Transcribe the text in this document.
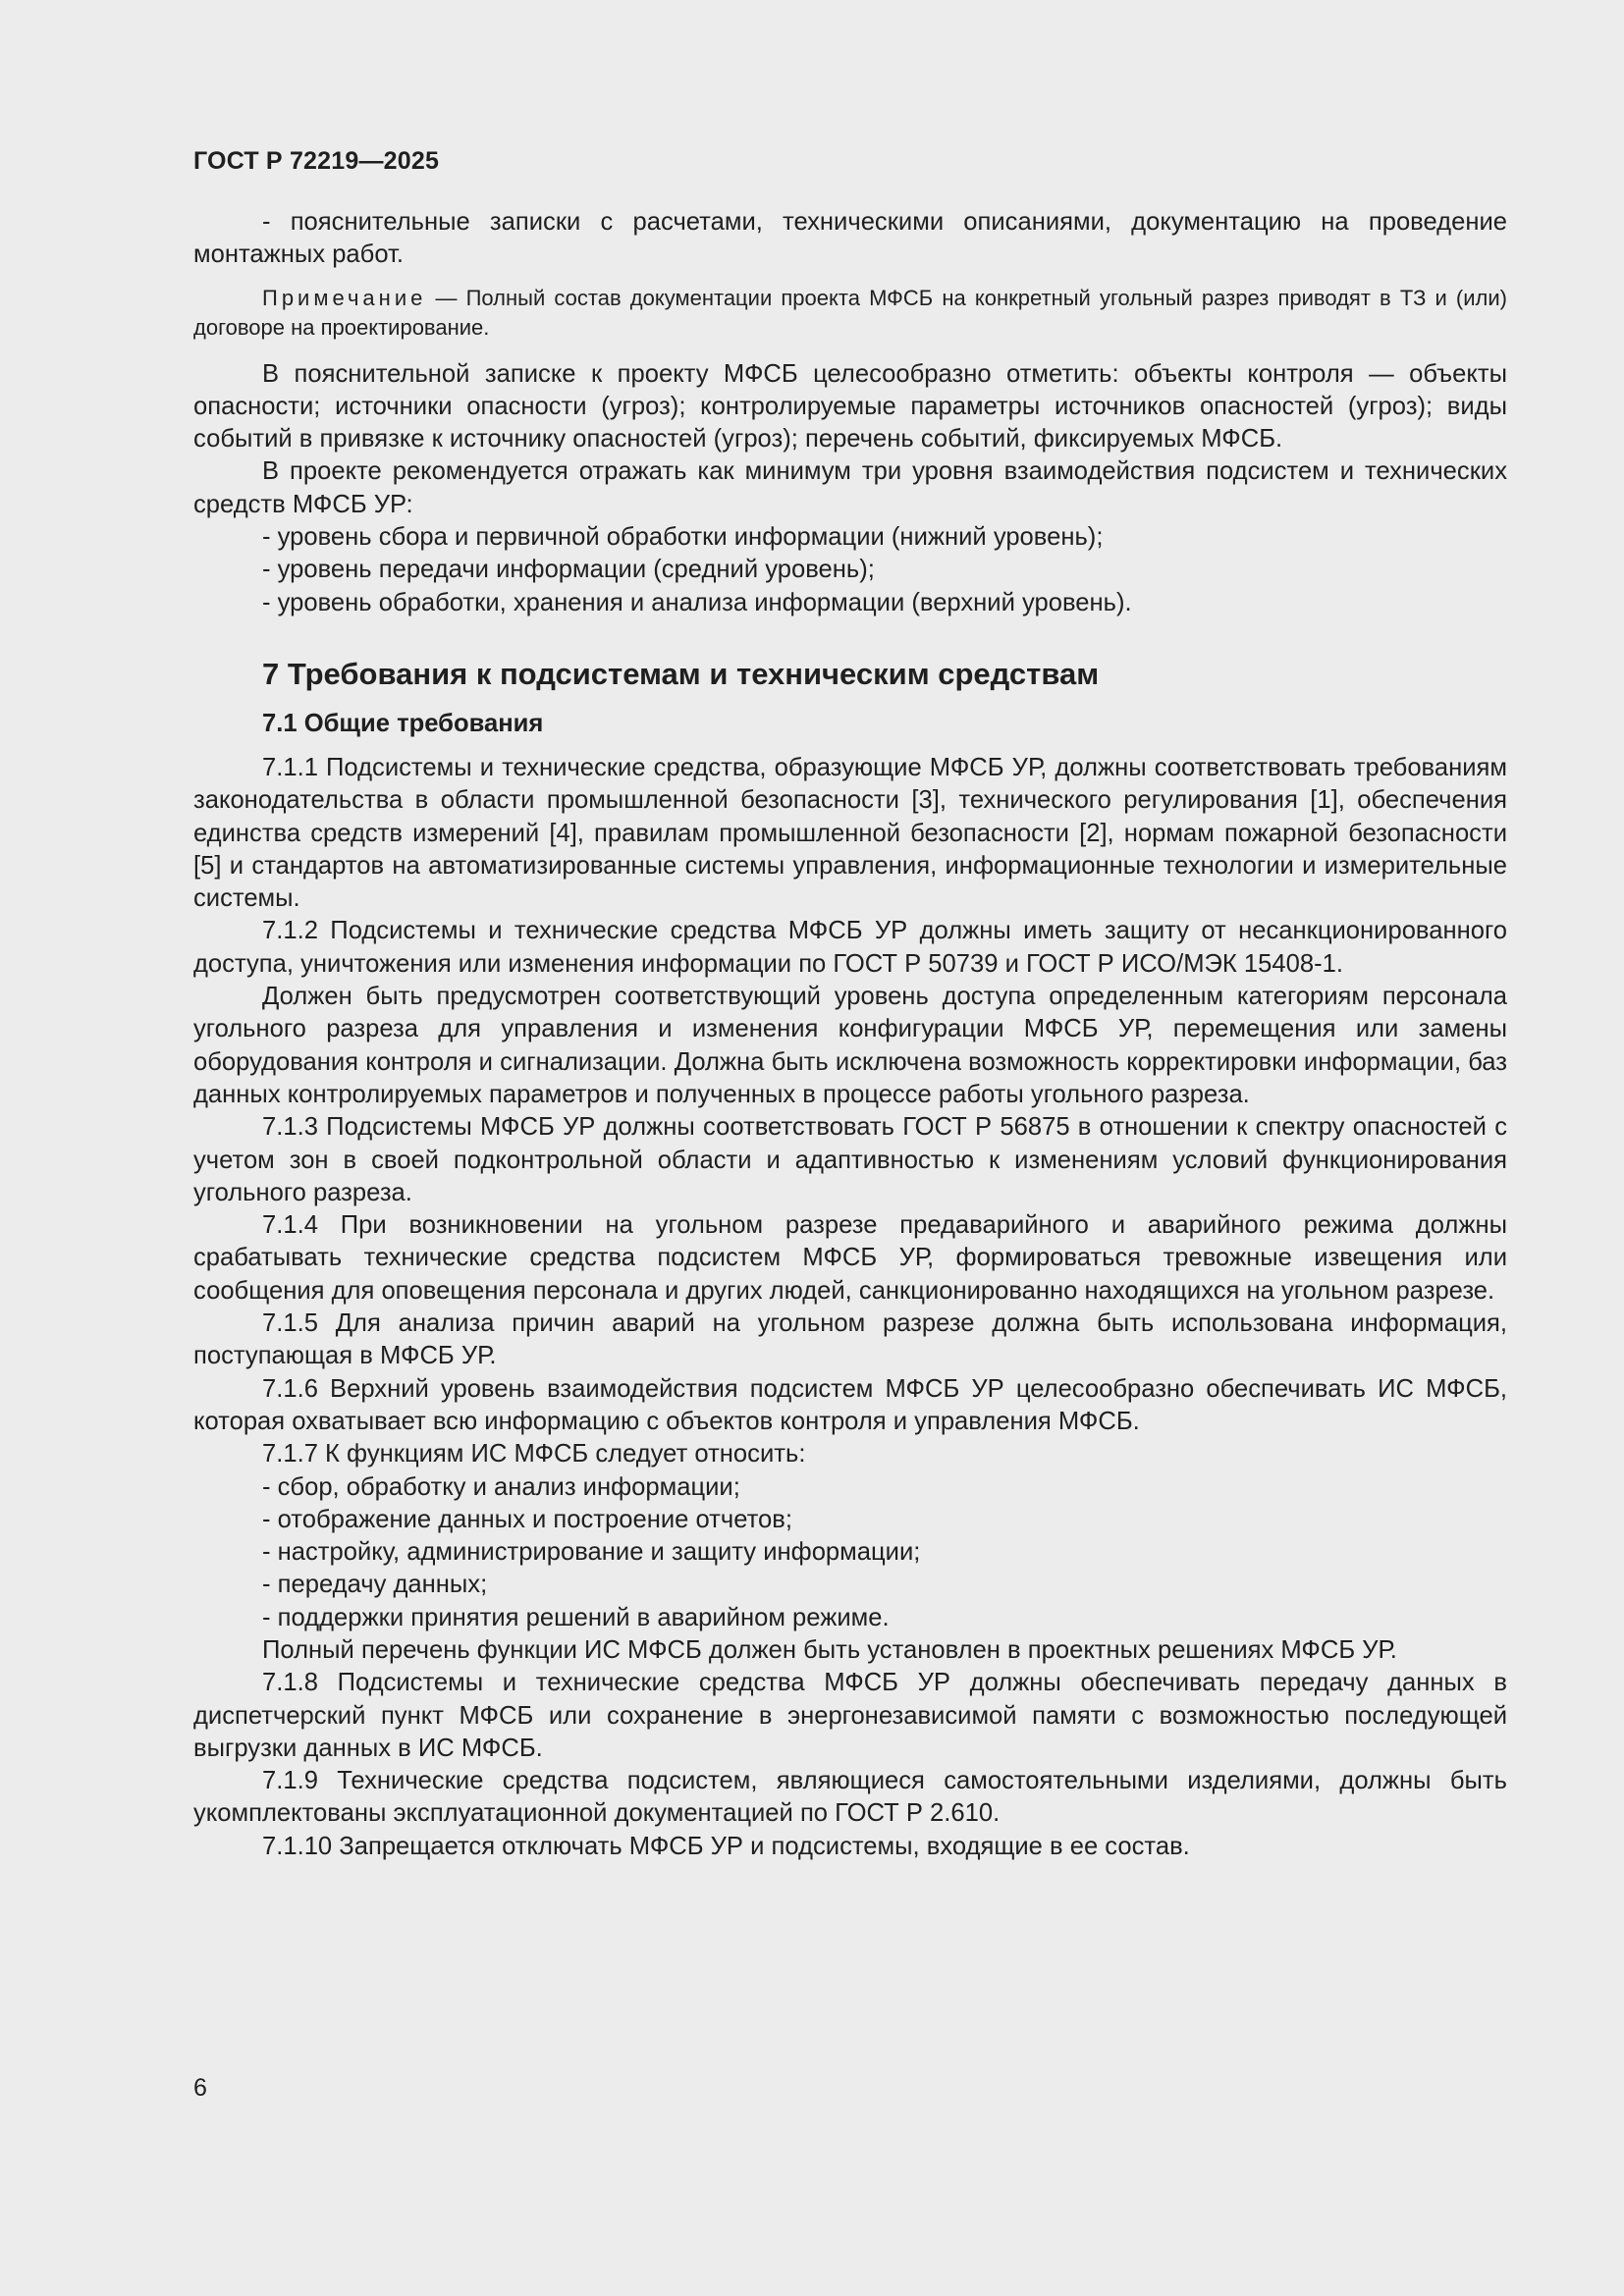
ГОСТ Р 72219—2025

- пояснительные записки с расчетами, техническими описаниями, документацию на проведение монтажных работ.

Примечание — Полный состав документации проекта МФСБ на конкретный угольный разрез приводят в ТЗ и (или) договоре на проектирование.

В пояснительной записке к проекту МФСБ целесообразно отметить: объекты контроля — объекты опасности; источники опасности (угроз); контролируемые параметры источников опасностей (угроз); виды событий в привязке к источнику опасностей (угроз); перечень событий, фиксируемых МФСБ.

В проекте рекомендуется отражать как минимум три уровня взаимодействия подсистем и технических средств МФСБ УР:

- уровень сбора и первичной обработки информации (нижний уровень);

- уровень передачи информации (средний уровень);

- уровень обработки, хранения и анализа информации (верхний уровень).

7 Требования к подсистемам и техническим средствам
7.1 Общие требования

7.1.1 Подсистемы и технические средства, образующие МФСБ УР, должны соответствовать требованиям законодательства в области промышленной безопасности [3], технического регулирования [1], обеспечения единства средств измерений [4], правилам промышленной безопасности [2], нормам пожарной безопасности [5] и стандартов на автоматизированные системы управления, информационные технологии и измерительные системы.

7.1.2 Подсистемы и технические средства МФСБ УР должны иметь защиту от несанкционированного доступа, уничтожения или изменения информации по ГОСТ Р 50739 и ГОСТ Р ИСО/МЭК 15408-1.

Должен быть предусмотрен соответствующий уровень доступа определенным категориям персонала угольного разреза для управления и изменения конфигурации МФСБ УР, перемещения или замены оборудования контроля и сигнализации. Должна быть исключена возможность корректировки информации, баз данных контролируемых параметров и полученных в процессе работы угольного разреза.

7.1.3 Подсистемы МФСБ УР должны соответствовать ГОСТ Р 56875 в отношении к спектру опасностей с учетом зон в своей подконтрольной области и адаптивностью к изменениям условий функционирования угольного разреза.

7.1.4 При возникновении на угольном разрезе предаварийного и аварийного режима должны срабатывать технические средства подсистем МФСБ УР, формироваться тревожные извещения или сообщения для оповещения персонала и других людей, санкционированно находящихся на угольном разрезе.

7.1.5 Для анализа причин аварий на угольном разрезе должна быть использована информация, поступающая в МФСБ УР.

7.1.6 Верхний уровень взаимодействия подсистем МФСБ УР целесообразно обеспечивать ИС МФСБ, которая охватывает всю информацию с объектов контроля и управления МФСБ.

7.1.7 К функциям ИС МФСБ следует относить:

- сбор, обработку и анализ информации;

- отображение данных и построение отчетов;

- настройку, администрирование и защиту информации;

- передачу данных;

- поддержки принятия решений в аварийном режиме.

Полный перечень функции ИС МФСБ должен быть установлен в проектных решениях МФСБ УР.

7.1.8 Подсистемы и технические средства МФСБ УР должны обеспечивать передачу данных в диспетчерский пункт МФСБ или сохранение в энергонезависимой памяти с возможностью последующей выгрузки данных в ИС МФСБ.

7.1.9 Технические средства подсистем, являющиеся самостоятельными изделиями, должны быть укомплектованы эксплуатационной документацией по ГОСТ Р 2.610.

7.1.10 Запрещается отключать МФСБ УР и подсистемы, входящие в ее состав.

6
